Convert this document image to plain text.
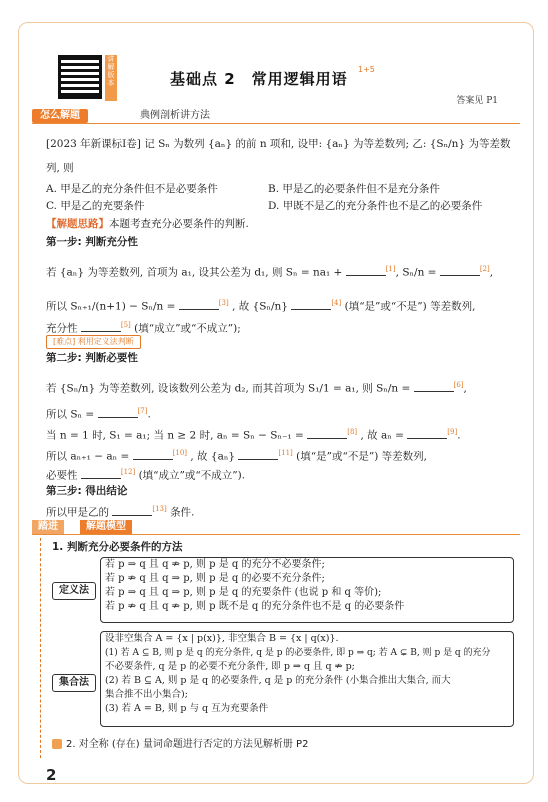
讲解版本	基础点 2　常用逻辑用语
1+5
答案见 P1
怎么解题	典例剖析讲方法
[2023 年新课标Ⅰ卷] 记 Sₙ 为数列 {aₙ} 的前 n 项和, 设甲: {aₙ} 为等差数列; 乙: {Sₙ/n} 为等差数
列, 则
A. 甲是乙的充分条件但不是必要条件	B. 甲是乙的必要条件但不是充分条件
C. 甲是乙的充要条件	D. 甲既不是乙的充分条件也不是乙的必要条件
【解题思路】本题考查充分必要条件的判断.
第一步: 判断充分性
若 {aₙ} 为等差数列, 首项为 a₁, 设其公差为 d₁, 则 Sₙ = na₁ +	[1], Sₙ/n =	[2],
所以 Sₙ₊₁/(n+1) − Sₙ/n =	[3] , 故 {Sₙ/n}	[4] (填“是”或“不是”) 等差数列,
充分性	[5] (填“成立”或“不成立”);
[难点] 利用定义法判断
第二步: 判断必要性
若 {Sₙ/n} 为等差数列, 设该数列公差为 d₂, 而其首项为 S₁/1 = a₁, 则 Sₙ/n =	[6],
所以 Sₙ =	[7].
当 n = 1 时, S₁ = a₁; 当 n ≥ 2 时, aₙ = Sₙ − Sₙ₋₁ =	[8] , 故 aₙ =	[9].
所以 aₙ₊₁ − aₙ =	[10] , 故 {aₙ}	[11] (填“是”或“不是”) 等差数列,
必要性	[12] (填“成立”或“不成立”).
第三步: 得出结论
所以甲是乙的	[13] 条件.
踏进	解题模型
1. 判断充分必要条件的方法
定义法
若 p ⇒ q 且 q ⇏ p, 则 p 是 q 的充分不必要条件;
若 p ⇏ q 且 q ⇒ p, 则 p 是 q 的必要不充分条件;
若 p ⇒ q 且 q ⇒ p, 则 p 是 q 的充要条件 (也说 p 和 q 等价);
若 p ⇏ q 且 q ⇏ p, 则 p 既不是 q 的充分条件也不是 q 的必要条件
集合法
设非空集合 A = {x | p(x)}, 非空集合 B = {x | q(x)}.
(1) 若 A ⊆ B, 则 p 是 q 的充分条件, q 是 p 的必要条件, 即 p ⇒ q; 若 A ⊊ B, 则 p 是 q 的充分
不必要条件, q 是 p 的必要不充分条件, 即 p ⇒ q 且 q ⇏ p;
(2) 若 B ⊆ A, 则 p 是 q 的必要条件, q 是 p 的充分条件 (小集合推出大集合, 而大
集合推不出小集合);
(3) 若 A = B, 则 p 与 q 互为充要条件
2. 对全称 (存在) 量词命题进行否定的方法见解析册 P2
2
